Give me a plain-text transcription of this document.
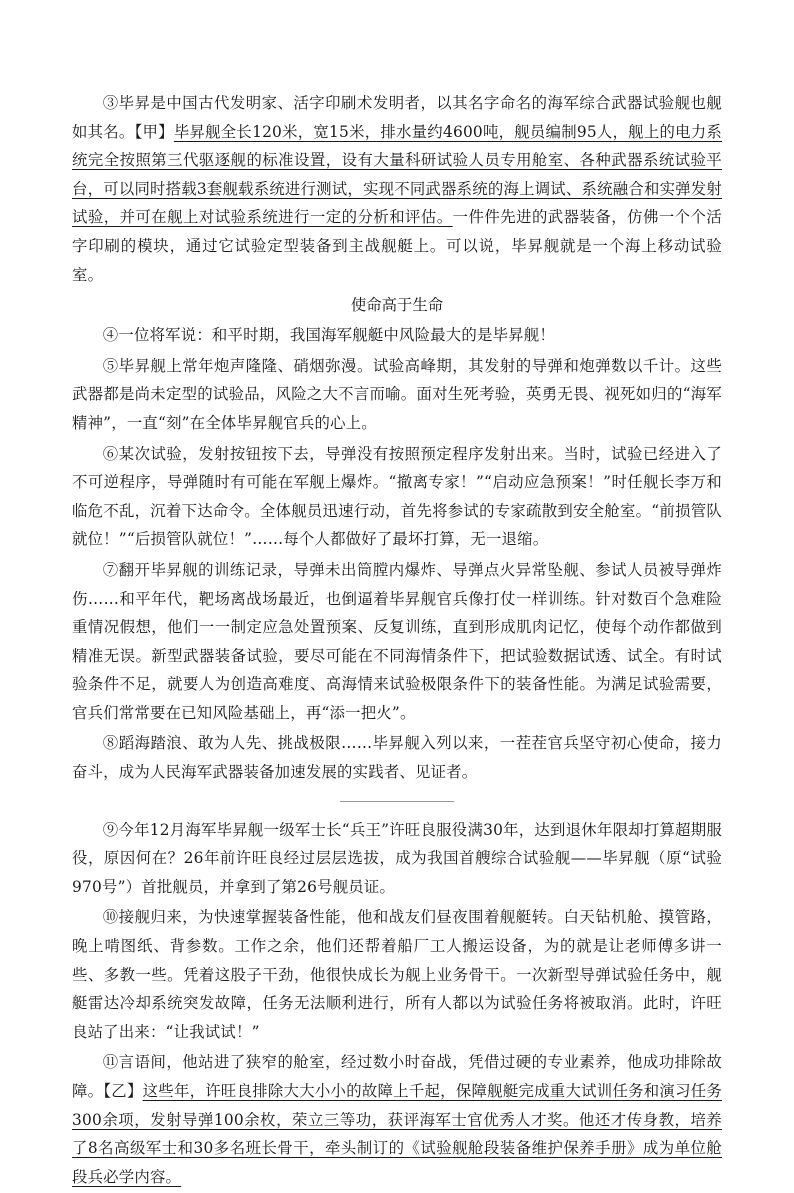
③毕昇是中国古代发明家、活字印刷术发明者，以其名字命名的海军综合武器试验舰也舰如其名。【甲】毕昇舰全长120米，宽15米，排水量约4600吨，舰员编制95人，舰上的电力系统完全按照第三代驱逐舰的标准设置，设有大量科研试验人员专用舱室、各种武器系统试验平台，可以同时搭载3套舰载系统进行测试，实现不同武器系统的海上调试、系统融合和实弹发射试验，并可在舰上对试验系统进行一定的分析和评估。一件件先进的武器装备，仿佛一个个活字印刷的模块，通过它试验定型装备到主战舰艇上。可以说，毕昇舰就是一个海上移动试验室。

使命高于生命

④一位将军说：和平时期，我国海军舰艇中风险最大的是毕昇舰！

⑤毕昇舰上常年炮声隆隆、硝烟弥漫。试验高峰期，其发射的导弹和炮弹数以千计。这些武器都是尚未定型的试验品，风险之大不言而喻。面对生死考验，英勇无畏、视死如归的“海军精神”，一直“刻”在全体毕昇舰官兵的心上。

⑥某次试验，发射按钮按下去，导弹没有按照预定程序发射出来。当时，试验已经进入了不可逆程序，导弹随时有可能在军舰上爆炸。“撤离专家！”“启动应急预案！”时任舰长李万和临危不乱，沉着下达命令。全体舰员迅速行动，首先将参试的专家疏散到安全舱室。“前损管队就位！”“后损管队就位！”……每个人都做好了最坏打算，无一退缩。

⑦翻开毕昇舰的训练记录，导弹未出筒膛内爆炸、导弹点火异常坠舰、参试人员被导弹炸伤……和平年代，靶场离战场最近，也倒逼着毕昇舰官兵像打仗一样训练。针对数百个急难险重情况假想，他们一一制定应急处置预案、反复训练，直到形成肌肉记忆，使每个动作都做到精准无误。新型武器装备试验，要尽可能在不同海情条件下，把试验数据试透、试全。有时试验条件不足，就要人为创造高难度、高海情来试验极限条件下的装备性能。为满足试验需要，官兵们常常要在已知风险基础上，再“添一把火”。

⑧蹈海踏浪、敢为人先、挑战极限……毕昇舰入列以来，一茬茬官兵坚守初心使命，接力奋斗，成为人民海军武器装备加速发展的实践者、见证者。

⑨今年12月海军毕昇舰一级军士长“兵王”许旺良服役满30年，达到退休年限却打算超期服役，原因何在？26年前许旺良经过层层选拔，成为我国首艘综合试验舰——毕昇舰（原“试验970号”）首批舰员，并拿到了第26号舰员证。

⑩接舰归来，为快速掌握装备性能，他和战友们昼夜围着舰艇转。白天钻机舱、摸管路，晚上啃图纸、背参数。工作之余，他们还帮着船厂工人搬运设备，为的就是让老师傅多讲一些、多教一些。凭着这股子干劲，他很快成长为舰上业务骨干。一次新型导弹试验任务中，舰艇雷达冷却系统突发故障，任务无法顺利进行，所有人都以为试验任务将被取消。此时，许旺良站了出来：“让我试试！”

⑪言语间，他站进了狭窄的舱室，经过数小时奋战，凭借过硬的专业素养，他成功排除故障。【乙】这些年，许旺良排除大大小小的故障上千起，保障舰艇完成重大试训任务和演习任务300余项，发射导弹100余枚，荣立三等功，获评海军士官优秀人才奖。他还才传身教，培养了8名高级军士和30多名班长骨干，牵头制订的《试验舰舱段装备维护保养手册》成为单位舱段兵必学内容。
